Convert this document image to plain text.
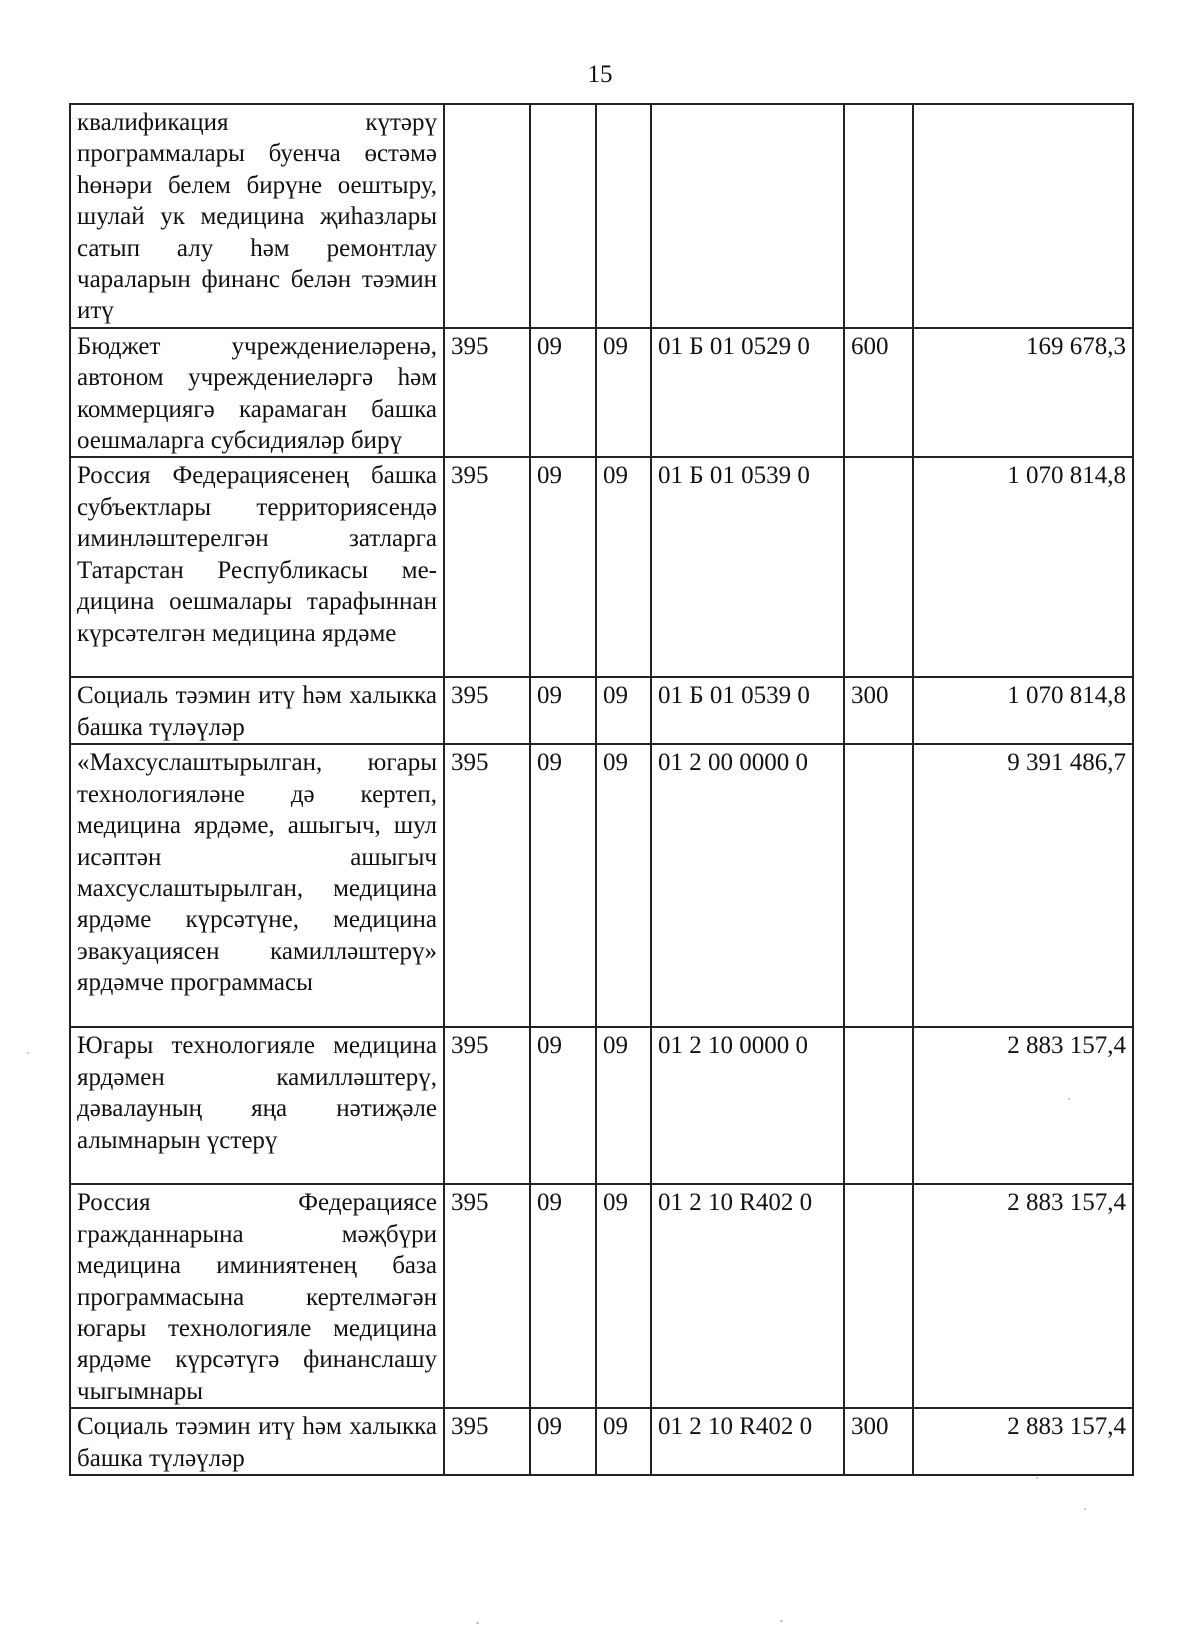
15
квалификация күтәрү программалары буенча өстәмә һөнәри белем бирүне оештыру, шулай ук медицина җиһазлары сатып алу һәм ремонтлау чараларын финанс белән тәэмин итү						
Бюджет учреждениеләренә, автоном учреждениеләргә һәм коммерциягә карамаган башка оешмаларга субсидияләр бирү	395	09	09	01 Б 01 0529 0	600	169 678,3
Россия Федерациясенең башка субъектлары территориясендә иминләштерелгән затларга Татарстан Республикасы медицина оешмалары тарафыннан күрсәтелгән медицина ярдәме	395	09	09	01 Б 01 0539 0		1 070 814,8
Социаль тәэмин итү һәм халыкка башка түләүләр	395	09	09	01 Б 01 0539 0	300	1 070 814,8
«Махсуслаштырылган, югары технологияләне дә кертеп, медицина ярдәме, ашыгыч, шул исәптән ашыгыч махсуслаштырылган, медицина ярдәме күрсәтүне, медицина эвакуациясен камилләштерү» ярдәмче программасы	395	09	09	01 2 00 0000 0		9 391 486,7
Югары технологияле медицина ярдәмен камилләштерү, дәвалауның яңа нәтиҗәле алымнарын үстерү	395	09	09	01 2 10 0000 0		2 883 157,4
Россия Федерациясе гражданнарына мәҗбүри медицина иминиятенең база программасына кертелмәгән югары технологияле медицина ярдәме күрсәтүгә финанслашу чыгымнары	395	09	09	01 2 10 R402 0		2 883 157,4
Социаль тәэмин итү һәм халыкка башка түләүләр	395	09	09	01 2 10 R402 0	300	2 883 157,4
